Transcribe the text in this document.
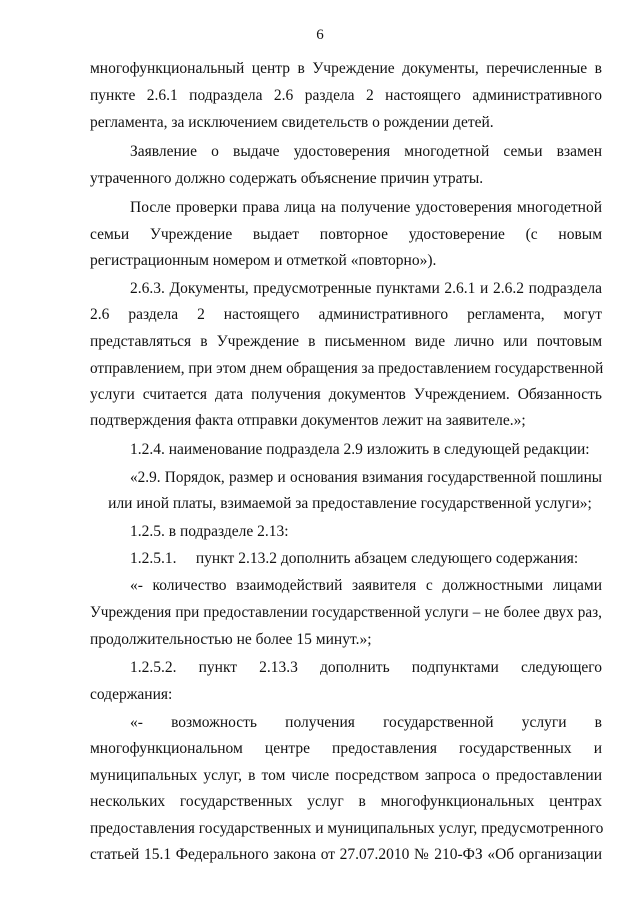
6
многофункциональный центр в Учреждение документы, перечисленные в
пункте 2.6.1 подраздела 2.6 раздела 2 настоящего административного
регламента, за исключением свидетельств о рождении детей.
Заявление о выдаче удостоверения многодетной семьи взамен
утраченного должно содержать объяснение причин утраты.
После проверки права лица на получение удостоверения многодетной
семьи Учреждение выдает повторное удостоверение (с новым
регистрационным номером и отметкой «повторно»).
2.6.3. Документы, предусмотренные пунктами 2.6.1 и 2.6.2 подраздела
2.6 раздела 2 настоящего административного регламента, могут
представляться в Учреждение в письменном виде лично или почтовым
отправлением, при этом днем обращения за предоставлением государственной
услуги считается дата получения документов Учреждением. Обязанность
подтверждения факта отправки документов лежит на заявителе.»;
1.2.4. наименование подраздела 2.9 изложить в следующей редакции:
«2.9. Порядок, размер и основания взимания государственной пошлины
или иной платы, взимаемой за предоставление государственной услуги»;
1.2.5. в подразделе 2.13:
1.2.5.1.     пункт 2.13.2 дополнить абзацем следующего содержания:
«- количество взаимодействий заявителя с должностными лицами
Учреждения при предоставлении государственной услуги – не более двух раз,
продолжительностью не более 15 минут.»;
1.2.5.2. пункт 2.13.3 дополнить подпунктами следующего
содержания:
«- возможность получения государственной услуги в
многофункциональном центре предоставления государственных и
муниципальных услуг, в том числе посредством запроса о предоставлении
нескольких государственных услуг в многофункциональных центрах
предоставления государственных и муниципальных услуг, предусмотренного
статьей 15.1 Федерального закона от 27.07.2010 № 210-ФЗ «Об организации
